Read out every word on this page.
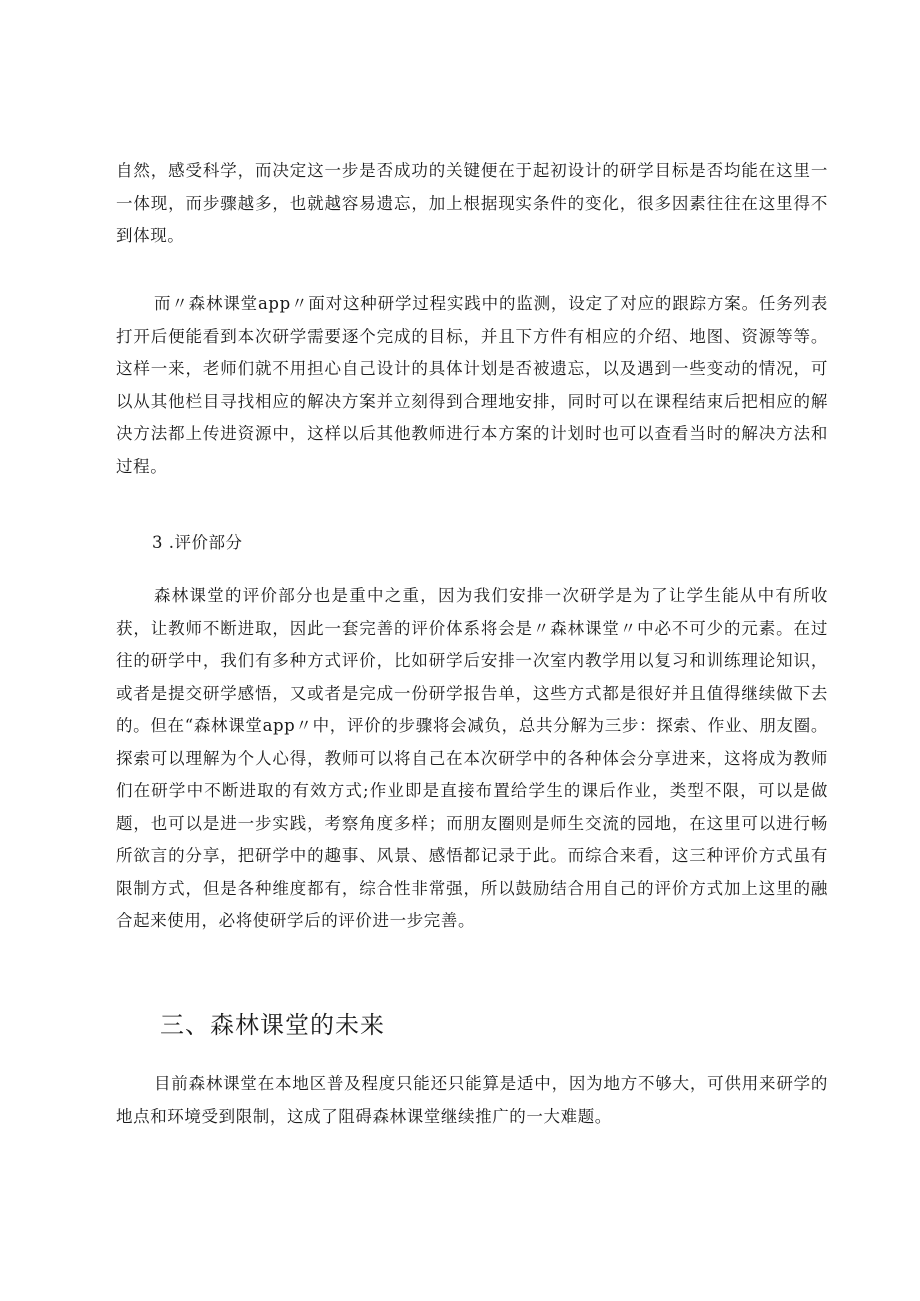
自然，感受科学，而决定这一步是否成功的关键便在于起初设计的研学目标是否均能在这里一一体现，而步骤越多，也就越容易遗忘，加上根据现实条件的变化，很多因素往往在这里得不到体现。

而〃森林课堂app〃面对这种研学过程实践中的监测，设定了对应的跟踪方案。任务列表打开后便能看到本次研学需要逐个完成的目标，并且下方件有相应的介绍、地图、资源等等。这样一来，老师们就不用担心自己设计的具体计划是否被遗忘，以及遇到一些变动的情况，可以从其他栏目寻找相应的解决方案并立刻得到合理地安排，同时可以在课程结束后把相应的解决方法都上传进资源中，这样以后其他教师进行本方案的计划时也可以查看当时的解决方法和过程。

3 .评价部分

森林课堂的评价部分也是重中之重，因为我们安排一次研学是为了让学生能从中有所收获，让教师不断进取，因此一套完善的评价体系将会是〃森林课堂〃中必不可少的元素。在过往的研学中，我们有多种方式评价，比如研学后安排一次室内教学用以复习和训练理论知识，或者是提交研学感悟，又或者是完成一份研学报告单，这些方式都是很好并且值得继续做下去的。但在“森林课堂app〃中，评价的步骤将会减负，总共分解为三步：探索、作业、朋友圈。探索可以理解为个人心得，教师可以将自己在本次研学中的各种体会分享进来，这将成为教师们在研学中不断进取的有效方式;作业即是直接布置给学生的课后作业，类型不限，可以是做题，也可以是进一步实践，考察角度多样；而朋友圈则是师生交流的园地，在这里可以进行畅所欲言的分享，把研学中的趣事、风景、感悟都记录于此。而综合来看，这三种评价方式虽有限制方式，但是各种维度都有，综合性非常强，所以鼓励结合用自己的评价方式加上这里的融合起来使用，必将使研学后的评价进一步完善。

三、森林课堂的未来

目前森林课堂在本地区普及程度只能还只能算是适中，因为地方不够大，可供用来研学的地点和环境受到限制，这成了阻碍森林课堂继续推广的一大难题。
